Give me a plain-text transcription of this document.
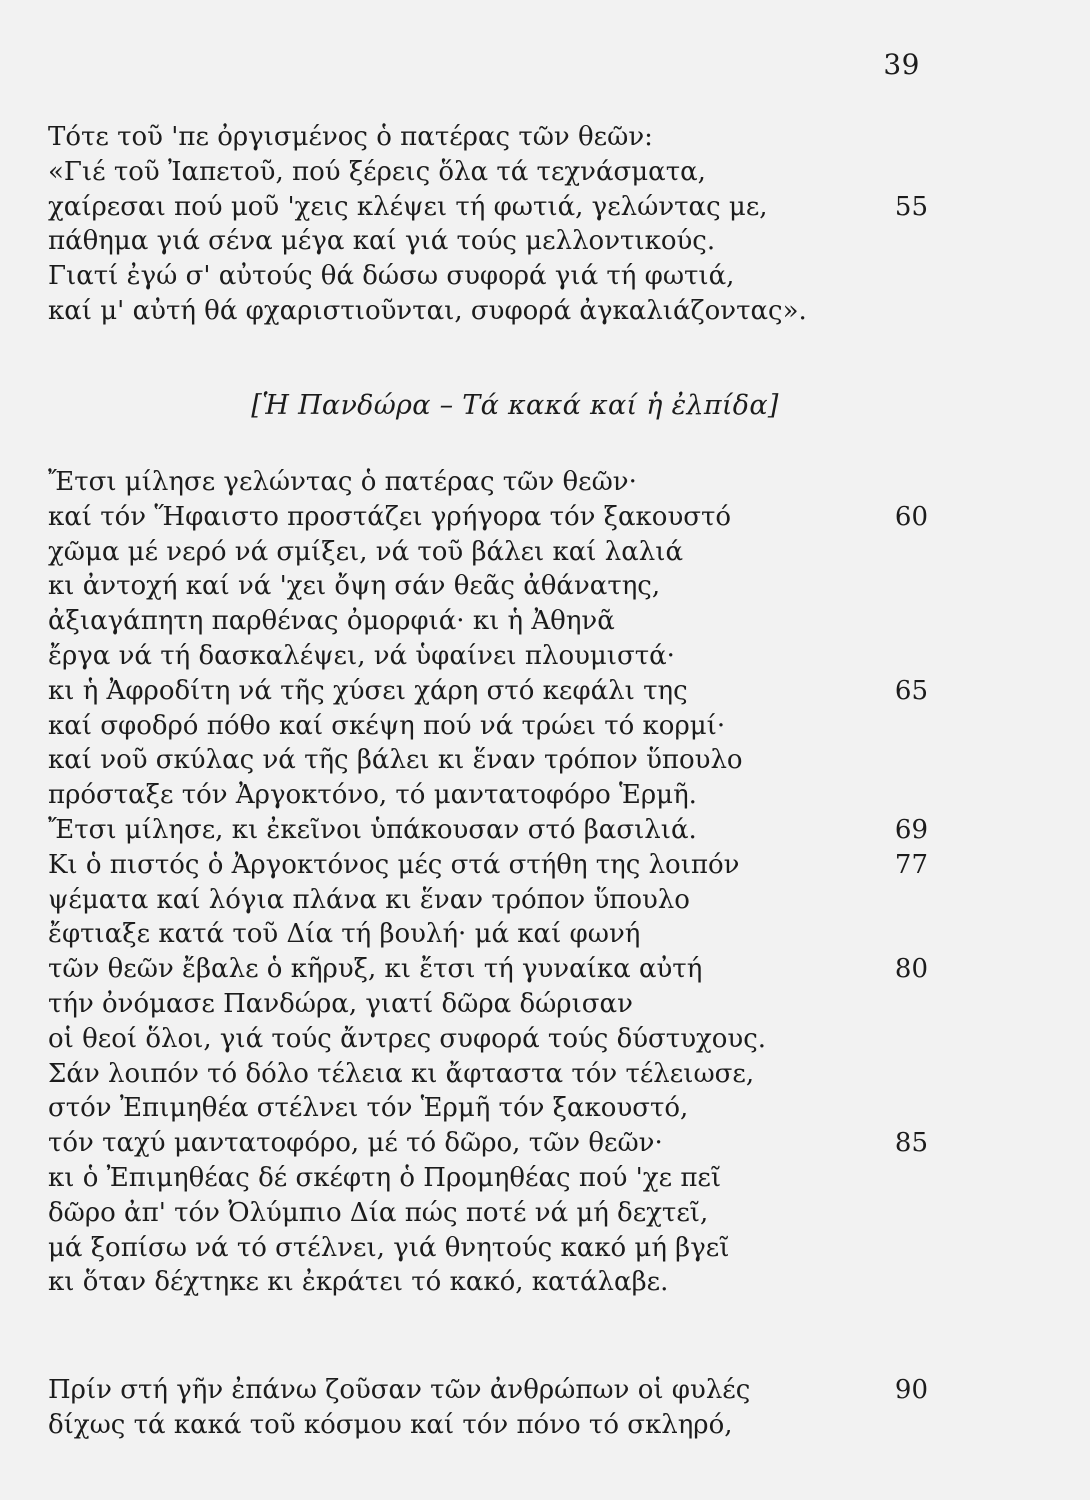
39
Τότε τοῦ 'πε ὀργισμένος ὁ πατέρας τῶν θεῶν:
«Γιέ τοῦ Ἰαπετοῦ, πού ξέρεις ὅλα τά τεχνάσματα,
χαίρεσαι πού μοῦ 'χεις κλέψει τή φωτιά, γελώντας με,	55
πάθημα γιά σένα μέγα καί γιά τούς μελλοντικούς.
Γιατί ἐγώ σ' αὐτούς θά δώσω συφορά γιά τή φωτιά,
καί μ' αὐτή θά φχαριστιοῦνται, συφορά ἀγκαλιάζοντας».
[Ἡ Πανδώρα – Τά κακά καί ἡ ἐλπίδα]
Ἔτσι μίλησε γελώντας ὁ πατέρας τῶν θεῶν·
καί τόν Ἥφαιστο προστάζει γρήγορα τόν ξακουστό	60
χῶμα μέ νερό νά σμίξει, νά τοῦ βάλει καί λαλιά
κι ἀντοχή καί νά 'χει ὄψη σάν θεᾶς ἀθάνατης,
ἀξιαγάπητη παρθένας ὀμορφιά· κι ἡ Ἀθηνᾶ
ἔργα νά τή δασκαλέψει, νά ὑφαίνει πλουμιστά·
κι ἡ Ἀφροδίτη νά τῆς χύσει χάρη στό κεφάλι της	65
καί σφοδρό πόθο καί σκέψη πού νά τρώει τό κορμί·
καί νοῦ σκύλας νά τῆς βάλει κι ἕναν τρόπον ὕπουλο
πρόσταξε τόν Ἀργοκτόνο, τό μαντατοφόρο Ἑρμῆ.
Ἔτσι μίλησε, κι ἐκεῖνοι ὑπάκουσαν στό βασιλιά.	69
Κι ὁ πιστός ὁ Ἀργοκτόνος μές στά στήθη της λοιπόν	77
ψέματα καί λόγια πλάνα κι ἕναν τρόπον ὕπουλο
ἔφτιαξε κατά τοῦ Δία τή βουλή· μά καί φωνή
τῶν θεῶν ἔβαλε ὁ κῆρυξ, κι ἔτσι τή γυναίκα αὐτή	80
τήν ὀνόμασε Πανδώρα, γιατί δῶρα δώρισαν
οἱ θεοί ὅλοι, γιά τούς ἄντρες συφορά τούς δύστυχους.
Σάν λοιπόν τό δόλο τέλεια κι ἄφταστα τόν τέλειωσε,
στόν Ἐπιμηθέα στέλνει τόν Ἑρμῆ τόν ξακουστό,
τόν ταχύ μαντατοφόρο, μέ τό δῶρο, τῶν θεῶν·	85
κι ὁ Ἐπιμηθέας δέ σκέφτη ὁ Προμηθέας πού 'χε πεῖ
δῶρο ἀπ' τόν Ὀλύμπιο Δία πώς ποτέ νά μή δεχτεῖ,
μά ξοπίσω νά τό στέλνει, γιά θνητούς κακό μή βγεῖ
κι ὅταν δέχτηκε κι ἐκράτει τό κακό, κατάλαβε.
Πρίν στή γῆν ἐπάνω ζοῦσαν τῶν ἀνθρώπων οἱ φυλές	90
δίχως τά κακά τοῦ κόσμου καί τόν πόνο τό σκληρό,
